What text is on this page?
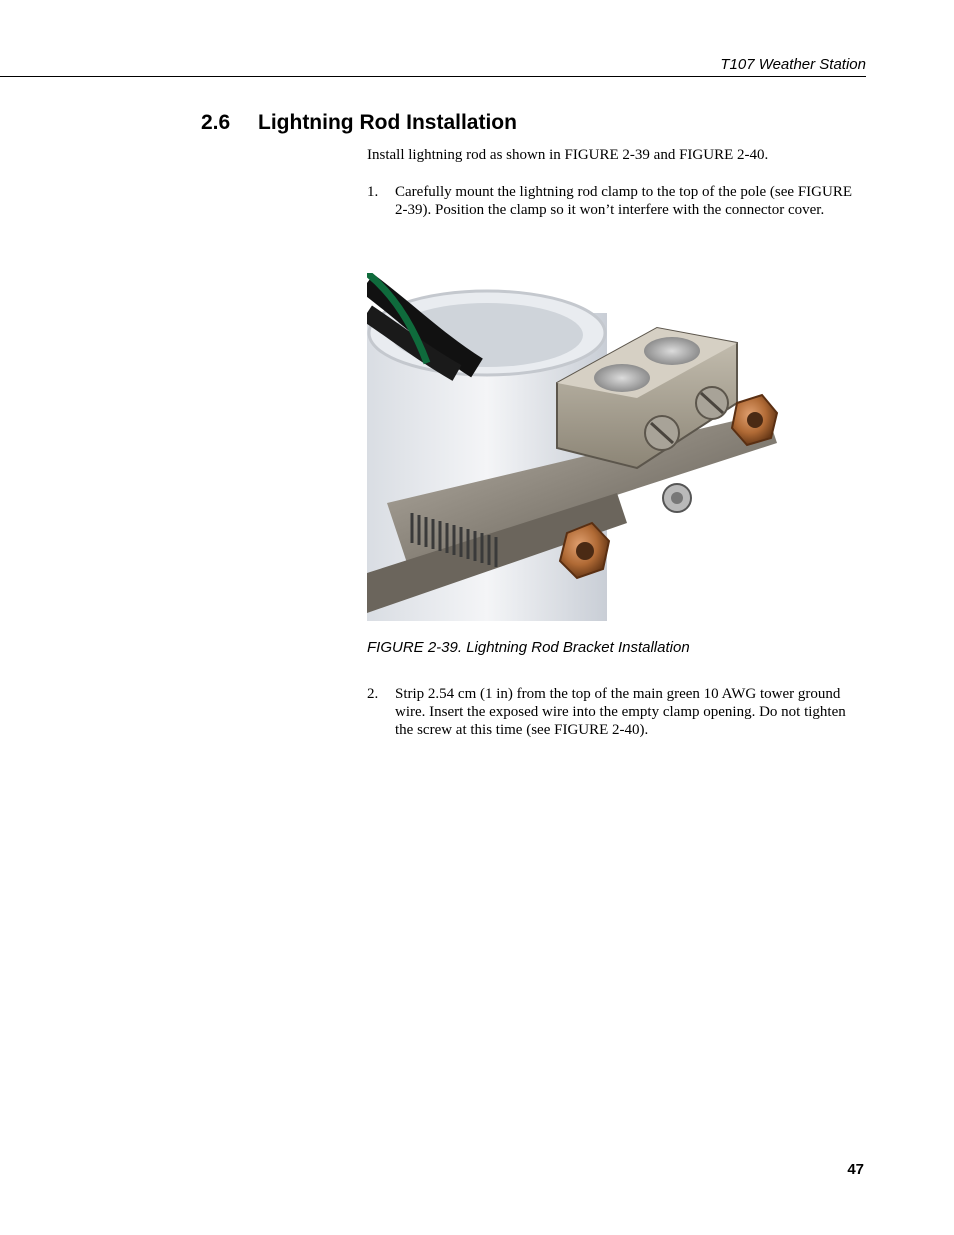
T107 Weather Station
2.6 Lightning Rod Installation
Install lightning rod as shown in FIGURE 2-39 and FIGURE 2-40.
1. Carefully mount the lightning rod clamp to the top of the pole (see FIGURE 2-39). Position the clamp so it won’t interfere with the connector cover.
FIGURE 2-39. Lightning Rod Bracket Installation
2. Strip 2.54 cm (1 in) from the top of the main green 10 AWG tower ground wire. Insert the exposed wire into the empty clamp opening. Do not tighten the screw at this time (see FIGURE 2-40).
47
